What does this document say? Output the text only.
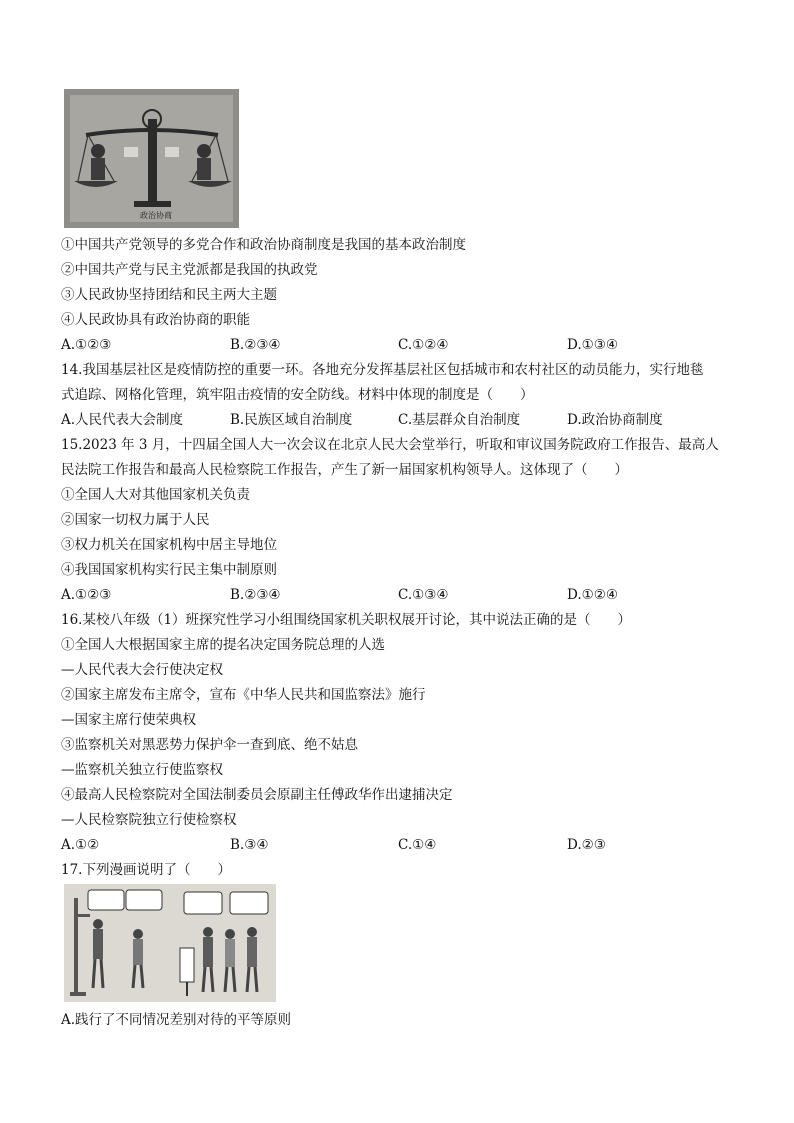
政治协商
①中国共产党领导的多党合作和政治协商制度是我国的基本政治制度
②中国共产党与民主党派都是我国的执政党
③人民政协坚持团结和民主两大主题
④人民政协具有政治协商的职能
A.①②③	B.②③④	C.①②④	D.①③④
14.我国基层社区是疫情防控的重要一环。各地充分发挥基层社区包括城市和农村社区的动员能力，实行地毯
式追踪、网格化管理，筑牢阻击疫情的安全防线。材料中体现的制度是（　　）
A.人民代表大会制度	B.民族区域自治制度	C.基层群众自治制度	D.政治协商制度
15.2023 年 3 月，十四届全国人大一次会议在北京人民大会堂举行，听取和审议国务院政府工作报告、最高人
民法院工作报告和最高人民检察院工作报告，产生了新一届国家机构领导人。这体现了（　　）
①全国人大对其他国家机关负责
②国家一切权力属于人民
③权力机关在国家机构中居主导地位
④我国国家机构实行民主集中制原则
A.①②③	B.②③④	C.①③④	D.①②④
16.某校八年级（1）班探究性学习小组围绕国家机关职权展开讨论，其中说法正确的是（　　）
①全国人大根据国家主席的提名决定国务院总理的人选
—人民代表大会行使决定权
②国家主席发布主席令，宣布《中华人民共和国监察法》施行
—国家主席行使荣典权
③监察机关对黑恶势力保护伞一查到底、绝不姑息
—监察机关独立行使监察权
④最高人民检察院对全国法制委员会原副主任傅政华作出逮捕决定
—人民检察院独立行使检察权
A.①②	B.③④	C.①④	D.②③
17.下列漫画说明了（　　）
A.践行了不同情况差别对待的平等原则
